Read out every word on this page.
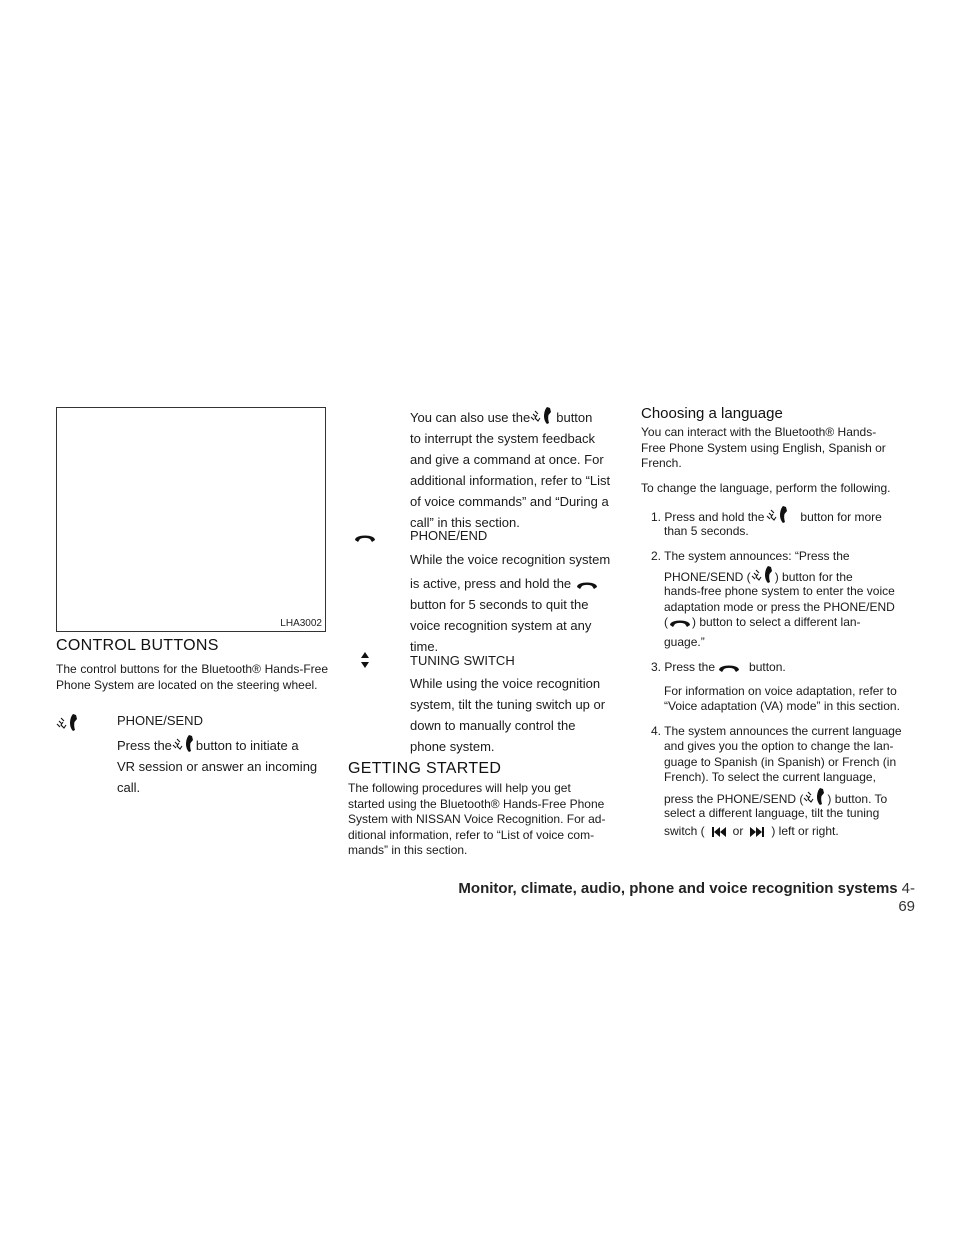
LHA3002
CONTROL BUTTONS

The control buttons for the Bluetooth® Hands-Free Phone System are located on the steering wheel.

PHONE/SEND
Press the button to initiate a
VR session or answer an incoming
call.
You can also use the button
to interrupt the system feedback
and give a command at once. For
additional information, refer to “List
of voice commands” and “During a
call” in this section.
PHONE/END
While the voice recognition system
is active, press and hold the
button for 5 seconds to quit the
voice recognition system at any
time.
TUNING SWITCH
While using the voice recognition
system, tilt the tuning switch up or
down to manually control the
phone system.
GETTING STARTED
The following procedures will help you get
started using the Bluetooth® Hands-Free Phone
System with NISSAN Voice Recognition. For ad-
ditional information, refer to “List of voice com-
mands” in this section.
Choosing a language
You can interact with the Bluetooth® Hands-
Free Phone System using English, Spanish or
French.
To change the language, perform the following.
1. Press and hold the	button for more
than 5 seconds.
2. The system announces: “Press the
PHONE/SEND ( ) button for the
hands-free phone system to enter the voice
adaptation mode or press the PHONE/END
( ) button to select a different lan-
guage.”
3. Press the	button.
For information on voice adaptation, refer to
“Voice adaptation (VA) mode” in this section.
4. The system announces the current language
and gives you the option to change the lan-
guage to Spanish (in Spanish) or French (in
French). To select the current language,
press the PHONE/SEND ( ) button. To
select a different language, tilt the tuning
switch ( or ) left or right.
Monitor, climate, audio, phone and voice recognition systems 4-69
